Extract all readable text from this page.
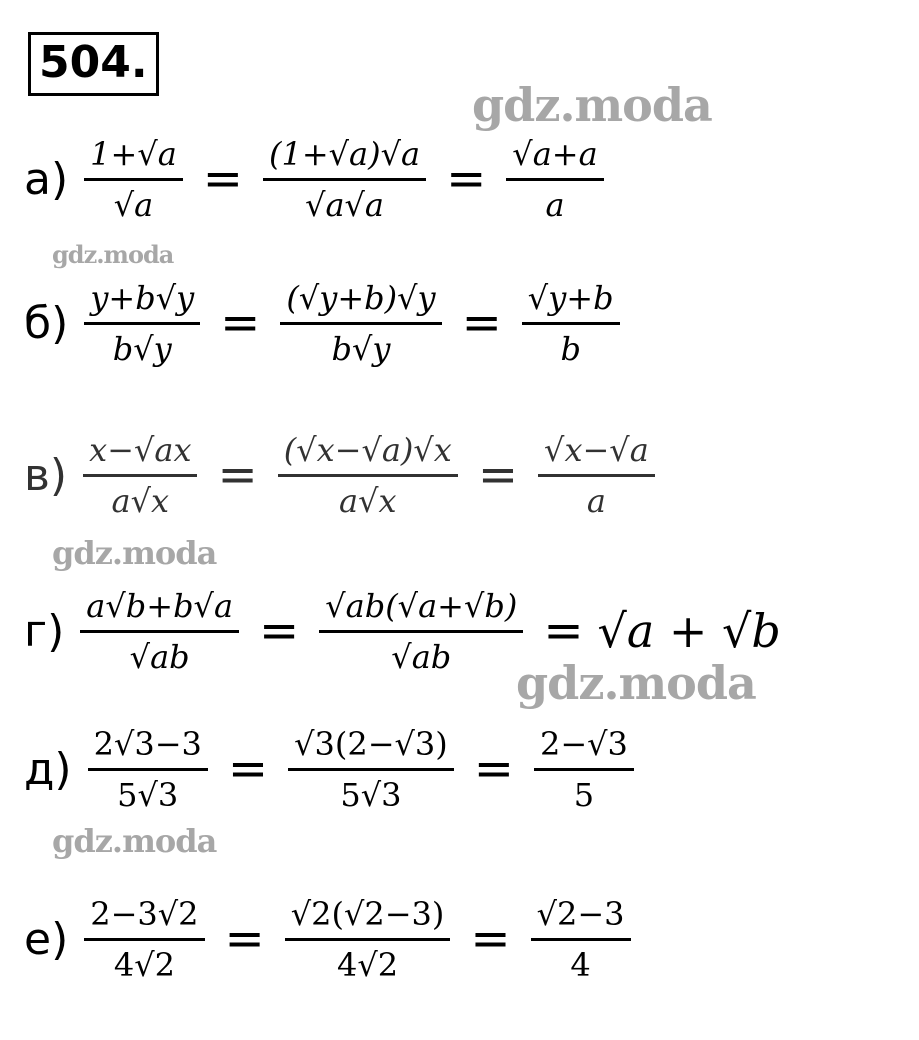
504.
gdz.moda
gdz.moda
gdz.moda
gdz.moda
gdz.moda
$а) \frac{1+√a}{√a} = \frac{(1+√a)√a}{√a√a} = \frac{√a+a}{a}$
$б) \frac{y+b√y}{b√y} = \frac{(√y+b)√y}{b√y} = \frac{√y+b}{b}$
$в) \frac{x-√ax}{a√x} = \frac{(√x-√a)√x}{a√x} = \frac{√x-√a}{a}$
$г) \frac{a√b+b√a}{√ab} = \frac{√ab(√a+√b)}{√ab} = √a + √b$
$д) \frac{2√3-3}{5√3} = \frac{√3(2-√3)}{5√3} = \frac{2-√3}{5}$
$е) \frac{2-3√2}{4√2} = \frac{√2(√2-3)}{4√2} = \frac{√2-3}{4}$
